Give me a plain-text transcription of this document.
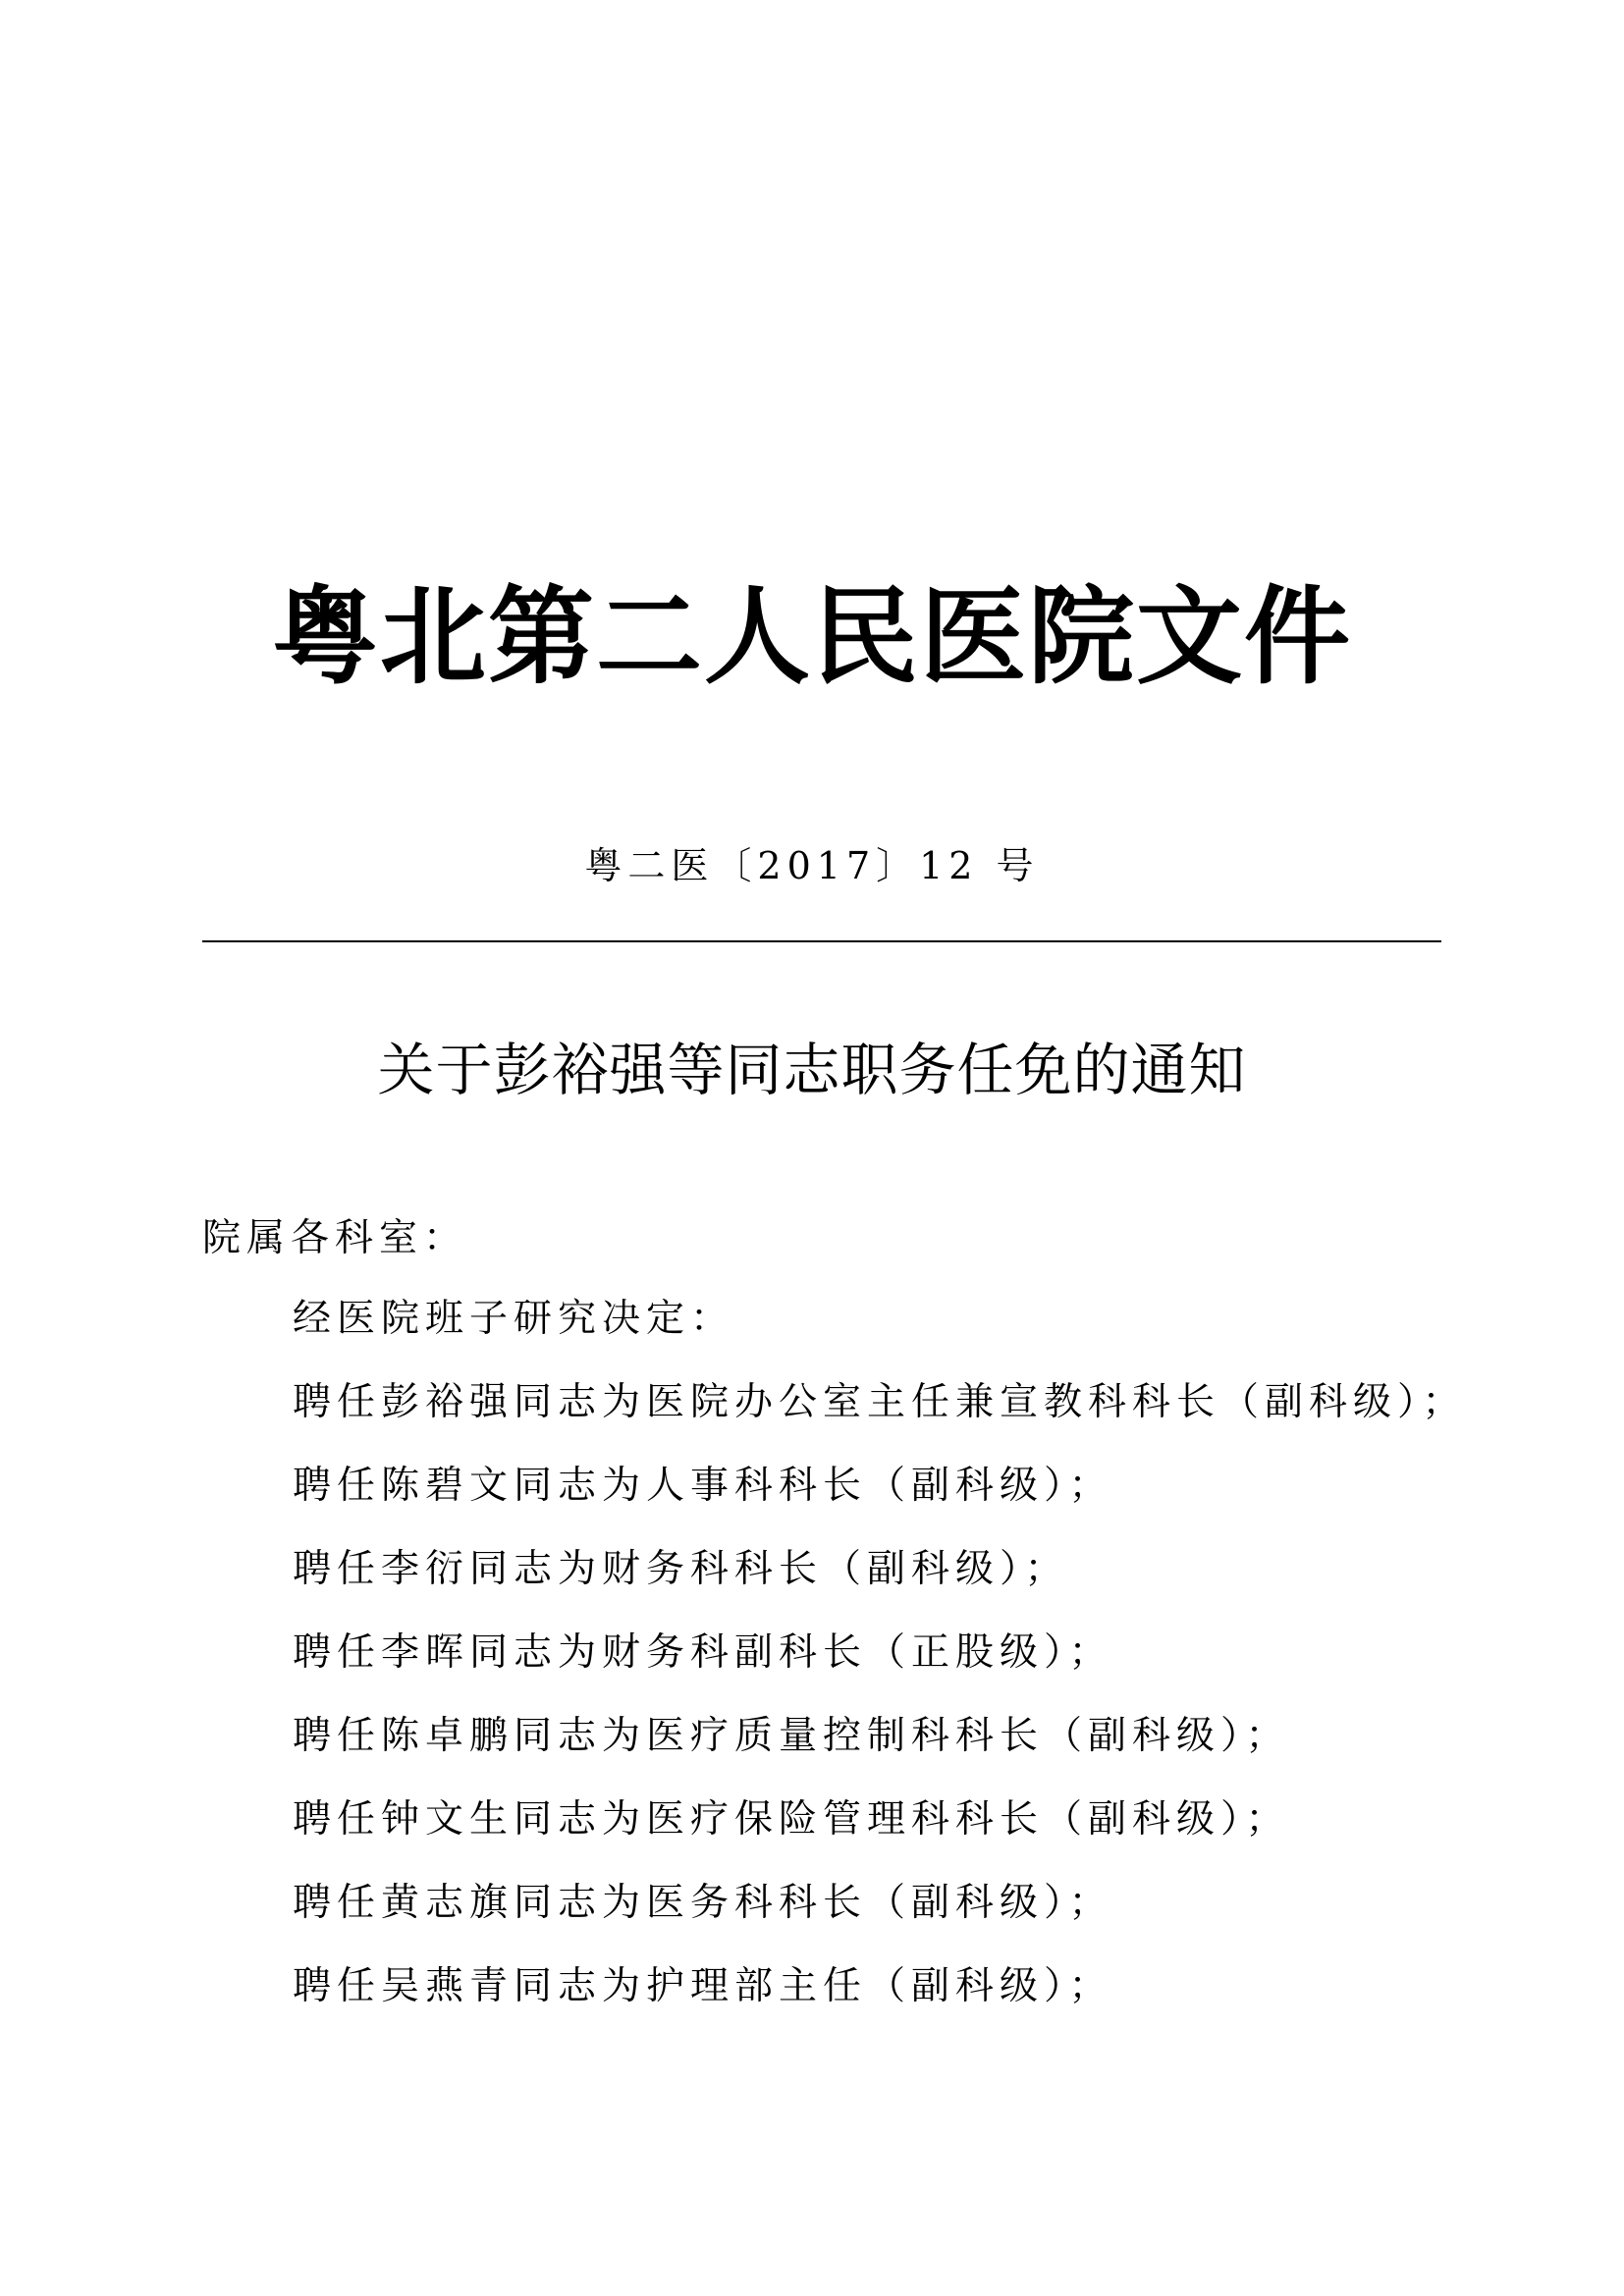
粤北第二人民医院文件
粤二医〔2017〕12 号
关于彭裕强等同志职务任免的通知
院属各科室：
经医院班子研究决定：
聘任彭裕强同志为医院办公室主任兼宣教科科长（副科级）；
聘任陈碧文同志为人事科科长（副科级）；
聘任李衍同志为财务科科长（副科级）；
聘任李晖同志为财务科副科长（正股级）；
聘任陈卓鹏同志为医疗质量控制科科长（副科级）；
聘任钟文生同志为医疗保险管理科科长（副科级）；
聘任黄志旗同志为医务科科长（副科级）；
聘任吴燕青同志为护理部主任（副科级）；
